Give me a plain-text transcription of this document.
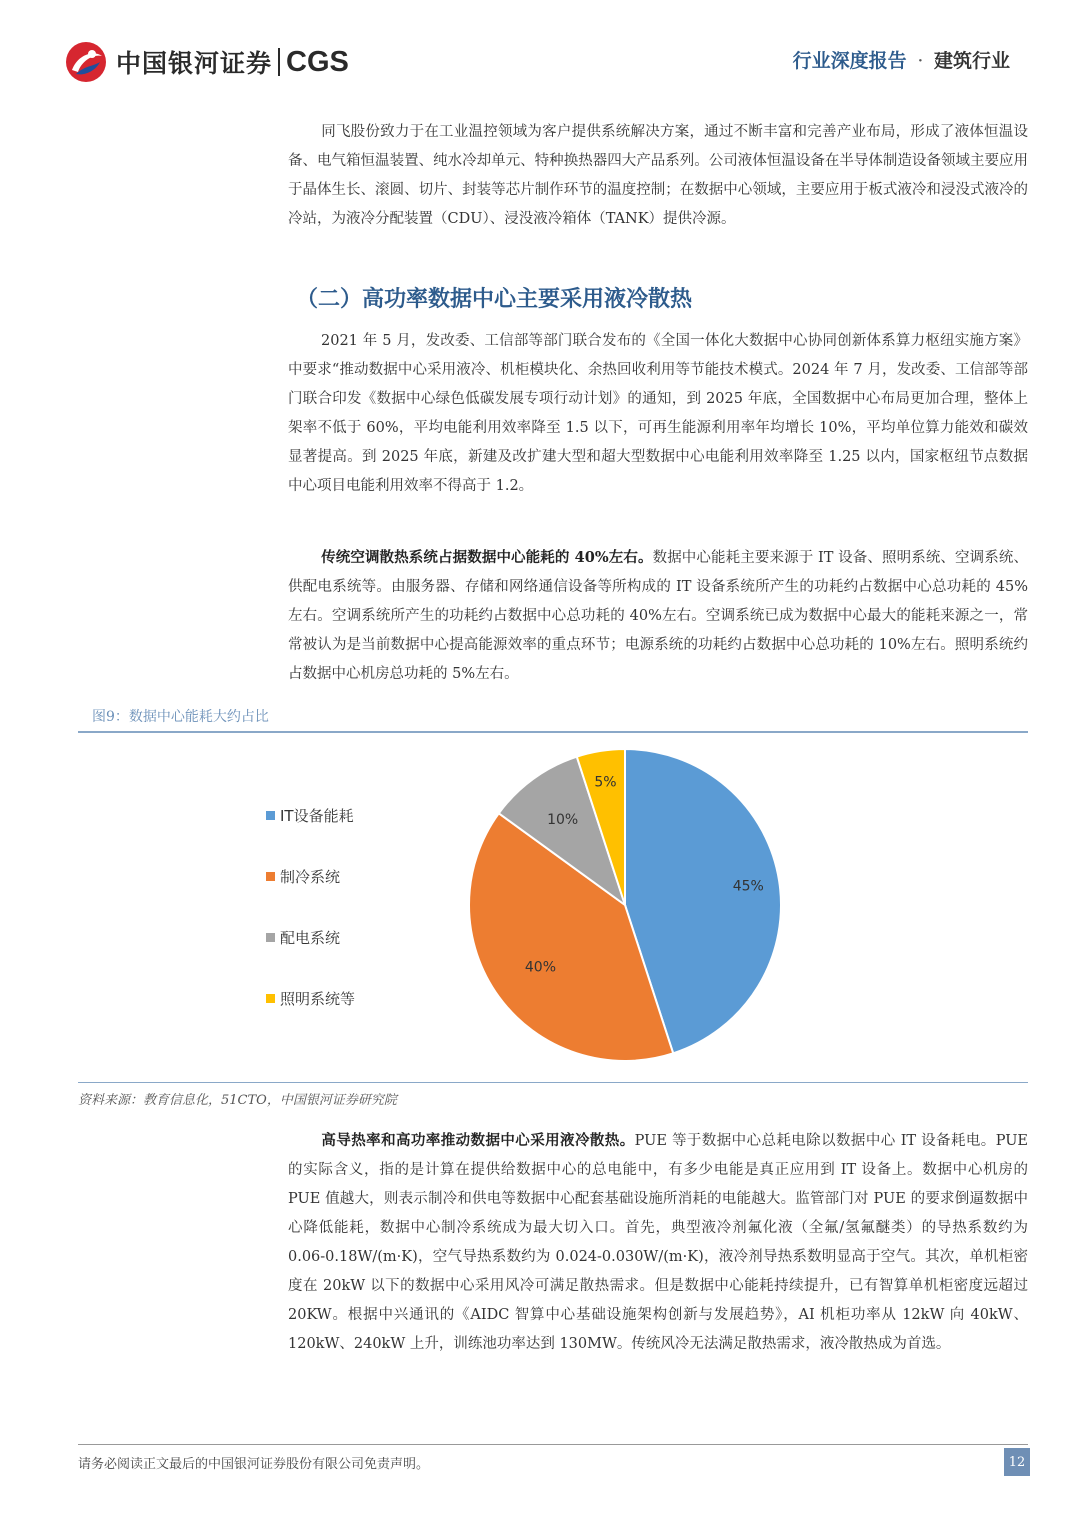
中国银河证券 CGS	行业深度报告 · 建筑行业
同飞股份致力于在工业温控领域为客户提供系统解决方案，通过不断丰富和完善产业布局，形成了液体恒温设备、电气箱恒温装置、纯水冷却单元、特种换热器四大产品系列。公司液体恒温设备在半导体制造设备领域主要应用于晶体生长、滚圆、切片、封装等芯片制作环节的温度控制；在数据中心领域，主要应用于板式液冷和浸没式液冷的冷站，为液冷分配装置（CDU）、浸没液冷箱体（TANK）提供冷源。
（二）高功率数据中心主要采用液冷散热
2021 年 5 月，发改委、工信部等部门联合发布的《全国一体化大数据中心协同创新体系算力枢纽实施方案》中要求“推动数据中心采用液冷、机柜模块化、余热回收利用等节能技术模式。2024 年 7 月，发改委、工信部等部门联合印发《数据中心绿色低碳发展专项行动计划》的通知，到 2025 年底，全国数据中心布局更加合理，整体上架率不低于 60%，平均电能利用效率降至 1.5 以下，可再生能源利用率年均增长 10%，平均单位算力能效和碳效显著提高。到 2025 年底，新建及改扩建大型和超大型数据中心电能利用效率降至 1.25 以内，国家枢纽节点数据中心项目电能利用效率不得高于 1.2。
传统空调散热系统占据数据中心能耗的 40%左右。数据中心能耗主要来源于 IT 设备、照明系统、空调系统、供配电系统等。由服务器、存储和网络通信设备等所构成的 IT 设备系统所产生的功耗约占数据中心总功耗的 45%左右。空调系统所产生的功耗约占数据中心总功耗的 40%左右。空调系统已成为数据中心最大的能耗来源之一，常常被认为是当前数据中心提高能源效率的重点环节；电源系统的功耗约占数据中心总功耗的 10%左右。照明系统约占数据中心机房总功耗的 5%左右。
图9：数据中心能耗大约占比
IT设备能耗
制冷系统
配电系统
照明系统等
45%
40%
10%
5%
资料来源：教育信息化，51CTO，中国银河证券研究院
高导热率和高功率推动数据中心采用液冷散热。PUE 等于数据中心总耗电除以数据中心 IT 设备耗电。PUE 的实际含义，指的是计算在提供给数据中心的总电能中，有多少电能是真正应用到 IT 设备上。数据中心机房的 PUE 值越大，则表示制冷和供电等数据中心配套基础设施所消耗的电能越大。监管部门对 PUE 的要求倒逼数据中心降低能耗，数据中心制冷系统成为最大切入口。首先，典型液冷剂氟化液（全氟/氢氟醚类）的导热系数约为 0.06-0.18W/(m·K)，空气导热系数约为 0.024-0.030W/(m·K)，液冷剂导热系数明显高于空气。其次，单机柜密度在 20kW 以下的数据中心采用风冷可满足散热需求。但是数据中心能耗持续提升，已有智算单机柜密度远超过 20KW。根据中兴通讯的《AIDC 智算中心基础设施架构创新与发展趋势》，AI 机柜功率从 12kW 向 40kW、120kW、240kW 上升，训练池功率达到 130MW。传统风冷无法满足散热需求，液冷散热成为首选。
请务必阅读正文最后的中国银河证券股份有限公司免责声明。	12
